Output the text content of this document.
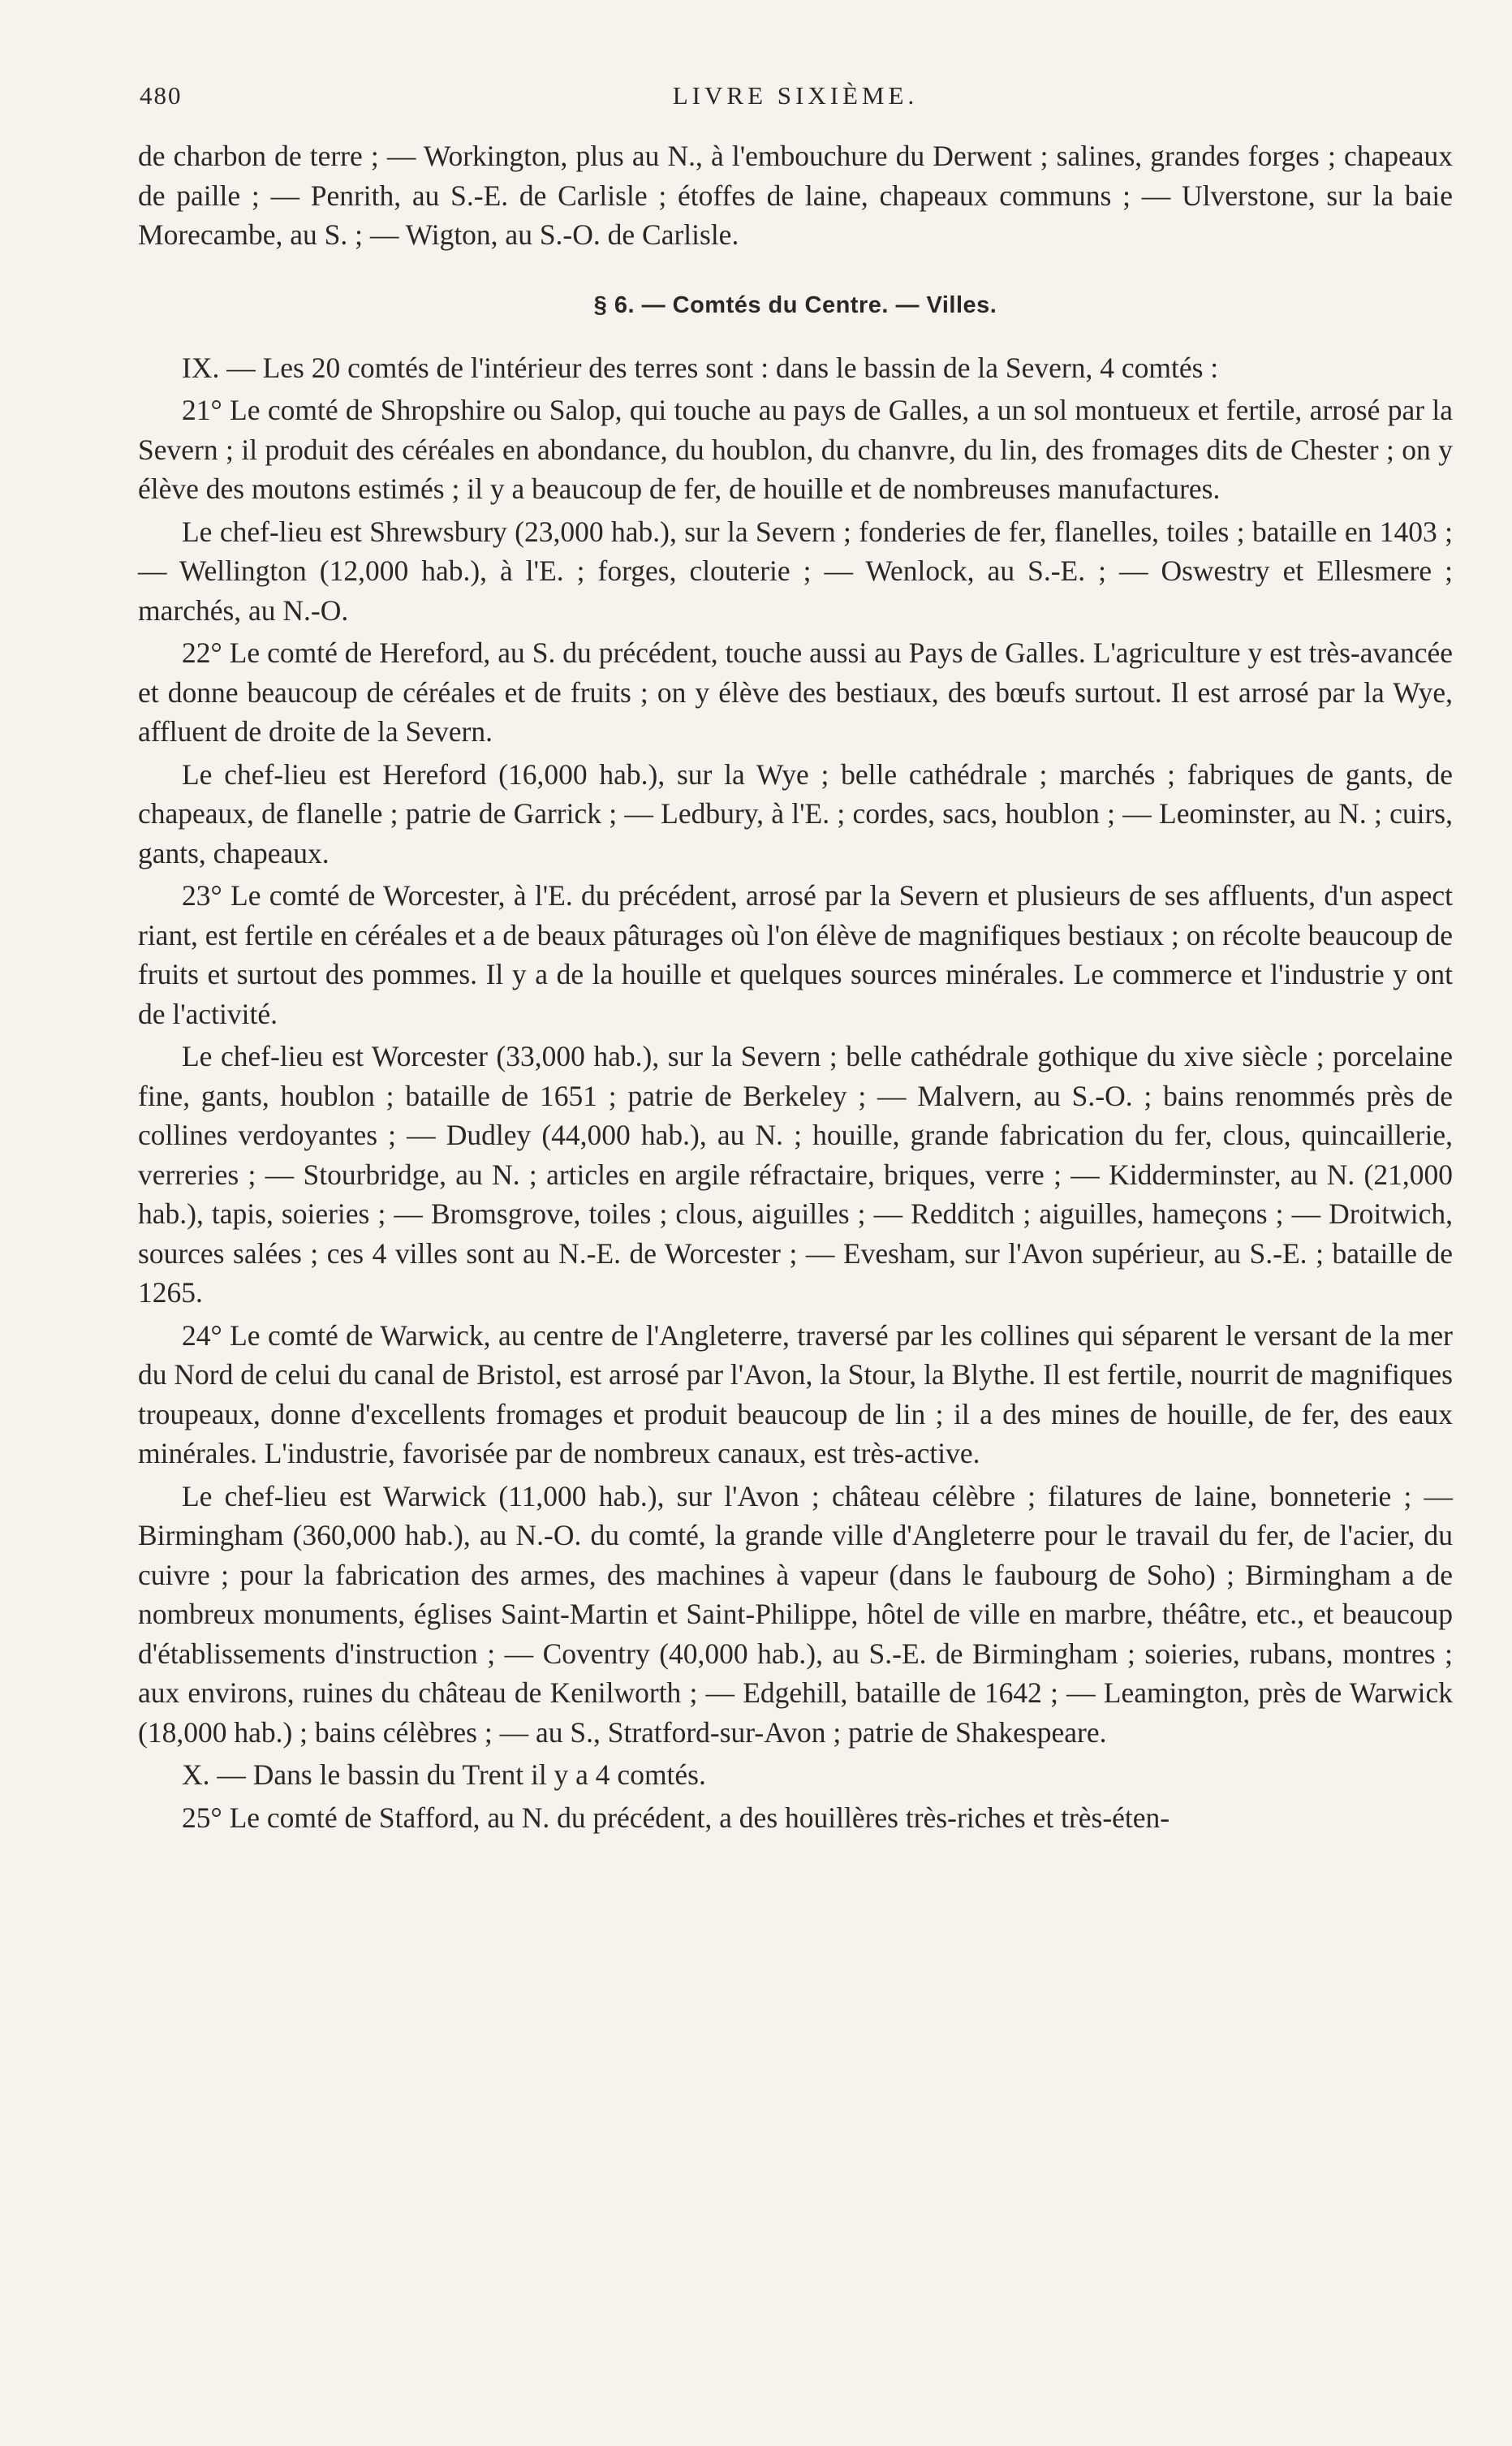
480	LIVRE SIXIÈME.

de charbon de terre ; — Workington, plus au N., à l'embouchure du Derwent ; salines, grandes forges ; chapeaux de paille ; — Penrith, au S.-E. de Carlisle ; étoffes de laine, chapeaux communs ; — Ulverstone, sur la baie Morecambe, au S. ; — Wigton, au S.-O. de Carlisle.

§ 6. — Comtés du Centre. — Villes.

IX. — Les 20 comtés de l'intérieur des terres sont : dans le bassin de la Severn, 4 comtés :

21° Le comté de Shropshire ou Salop, qui touche au pays de Galles, a un sol montueux et fertile, arrosé par la Severn ; il produit des céréales en abondance, du houblon, du chanvre, du lin, des fromages dits de Chester ; on y élève des moutons estimés ; il y a beaucoup de fer, de houille et de nombreuses manufactures.

Le chef-lieu est Shrewsbury (23,000 hab.), sur la Severn ; fonderies de fer, flanelles, toiles ; bataille en 1403 ; — Wellington (12,000 hab.), à l'E. ; forges, clouterie ; — Wenlock, au S.-E. ; — Oswestry et Ellesmere ; marchés, au N.-O.

22° Le comté de Hereford, au S. du précédent, touche aussi au Pays de Galles. L'agriculture y est très-avancée et donne beaucoup de céréales et de fruits ; on y élève des bestiaux, des bœufs surtout. Il est arrosé par la Wye, affluent de droite de la Severn.

Le chef-lieu est Hereford (16,000 hab.), sur la Wye ; belle cathédrale ; marchés ; fabriques de gants, de chapeaux, de flanelle ; patrie de Garrick ; — Ledbury, à l'E. ; cordes, sacs, houblon ; — Leominster, au N. ; cuirs, gants, chapeaux.

23° Le comté de Worcester, à l'E. du précédent, arrosé par la Severn et plusieurs de ses affluents, d'un aspect riant, est fertile en céréales et a de beaux pâturages où l'on élève de magnifiques bestiaux ; on récolte beaucoup de fruits et surtout des pommes. Il y a de la houille et quelques sources minérales. Le commerce et l'industrie y ont de l'activité.

Le chef-lieu est Worcester (33,000 hab.), sur la Severn ; belle cathédrale gothique du xive siècle ; porcelaine fine, gants, houblon ; bataille de 1651 ; patrie de Berkeley ; — Malvern, au S.-O. ; bains renommés près de collines verdoyantes ; — Dudley (44,000 hab.), au N. ; houille, grande fabrication du fer, clous, quincaillerie, verreries ; — Stourbridge, au N. ; articles en argile réfractaire, briques, verre ; — Kidderminster, au N. (21,000 hab.), tapis, soieries ; — Bromsgrove, toiles ; clous, aiguilles ; — Redditch ; aiguilles, hameçons ; — Droitwich, sources salées ; ces 4 villes sont au N.-E. de Worcester ; — Evesham, sur l'Avon supérieur, au S.-E. ; bataille de 1265.

24° Le comté de Warwick, au centre de l'Angleterre, traversé par les collines qui séparent le versant de la mer du Nord de celui du canal de Bristol, est arrosé par l'Avon, la Stour, la Blythe. Il est fertile, nourrit de magnifiques troupeaux, donne d'excellents fromages et produit beaucoup de lin ; il a des mines de houille, de fer, des eaux minérales. L'industrie, favorisée par de nombreux canaux, est très-active.

Le chef-lieu est Warwick (11,000 hab.), sur l'Avon ; château célèbre ; filatures de laine, bonneterie ; — Birmingham (360,000 hab.), au N.-O. du comté, la grande ville d'Angleterre pour le travail du fer, de l'acier, du cuivre ; pour la fabrication des armes, des machines à vapeur (dans le faubourg de Soho) ; Birmingham a de nombreux monuments, églises Saint-Martin et Saint-Philippe, hôtel de ville en marbre, théâtre, etc., et beaucoup d'établissements d'instruction ; — Coventry (40,000 hab.), au S.-E. de Birmingham ; soieries, rubans, montres ; aux environs, ruines du château de Kenilworth ; — Edgehill, bataille de 1642 ; — Leamington, près de Warwick (18,000 hab.) ; bains célèbres ; — au S., Stratford-sur-Avon ; patrie de Shakespeare.

X. — Dans le bassin du Trent il y a 4 comtés.

25° Le comté de Stafford, au N. du précédent, a des houillères très-riches et très-éten-
